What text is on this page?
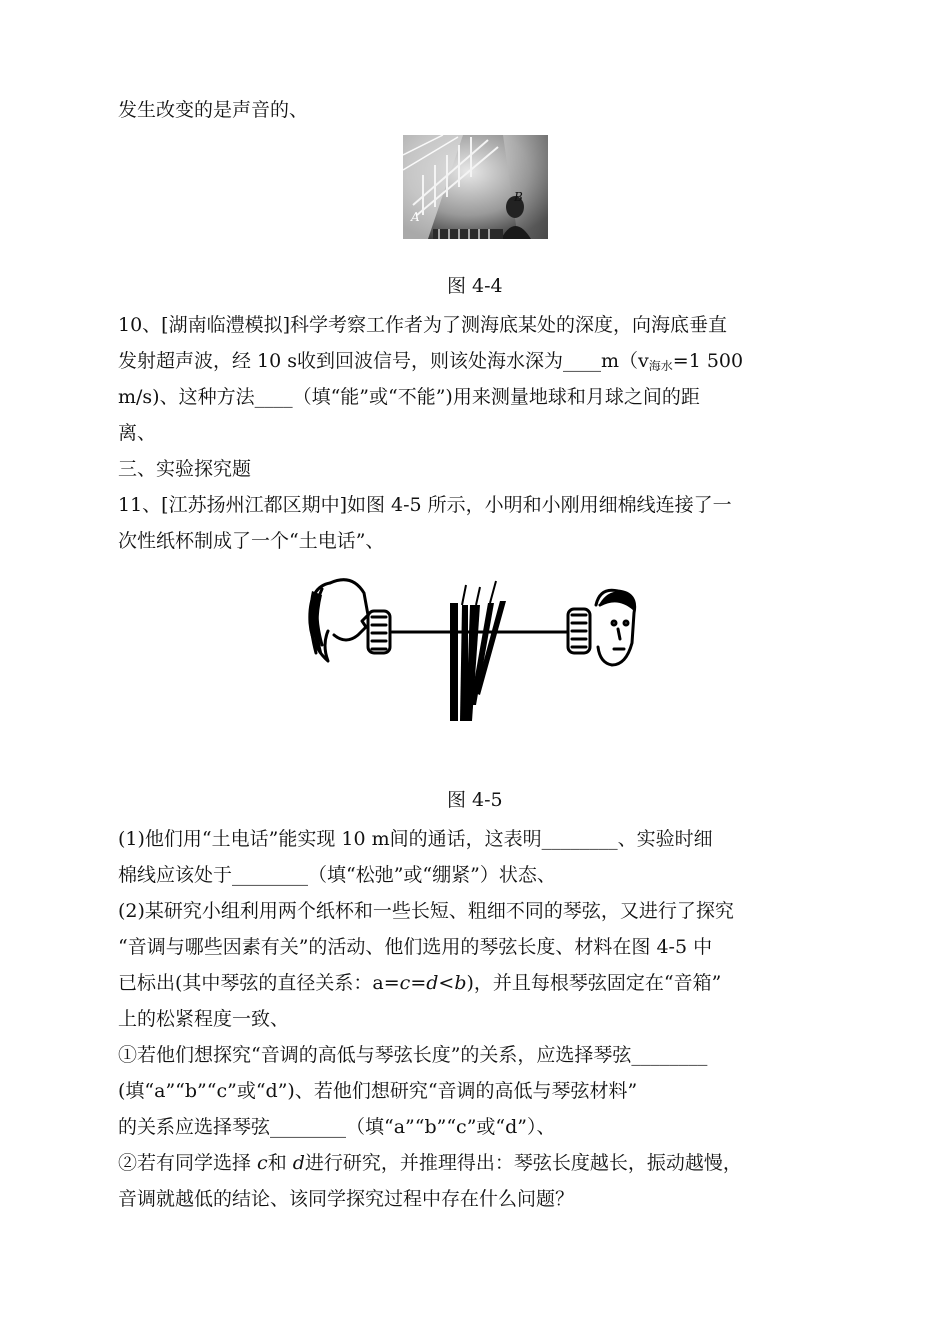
发生改变的是声音的、
A
B
图 4-4
10、[湖南临澧模拟]科学考察工作者为了测海底某处的深度，向海底垂直
发射超声波，经 10 s收到回波信号，则该处海水深为____m（v海水=1 500
m/s)、这种方法____（填“能”或“不能”)用来测量地球和月球之间的距
离、
三、实验探究题
11、[江苏扬州江都区期中]如图 4-5 所示，小明和小刚用细棉线连接了一
次性纸杯制成了一个“土电话”、
图 4-5
(1)他们用“土电话”能实现 10 m间的通话，这表明________、实验时细
棉线应该处于________（填“松弛”或“绷紧”）状态、
(2)某研究小组利用两个纸杯和一些长短、粗细不同的琴弦，又进行了探究
“音调与哪些因素有关”的活动、他们选用的琴弦长度、材料在图 4-5 中
已标出(其中琴弦的直径关系：a=c=d<b)，并且每根琴弦固定在“音箱”
上的松紧程度一致、
①若他们想探究“音调的高低与琴弦长度”的关系，应选择琴弦________
(填“a”“b”“c”或“d”)、若他们想研究“音调的高低与琴弦材料”
的关系应选择琴弦________（填“a”“b”“c”或“d”）、
②若有同学选择 c和 d进行研究，并推理得出：琴弦长度越长，振动越慢，
音调就越低的结论、该同学探究过程中存在什么问题？
